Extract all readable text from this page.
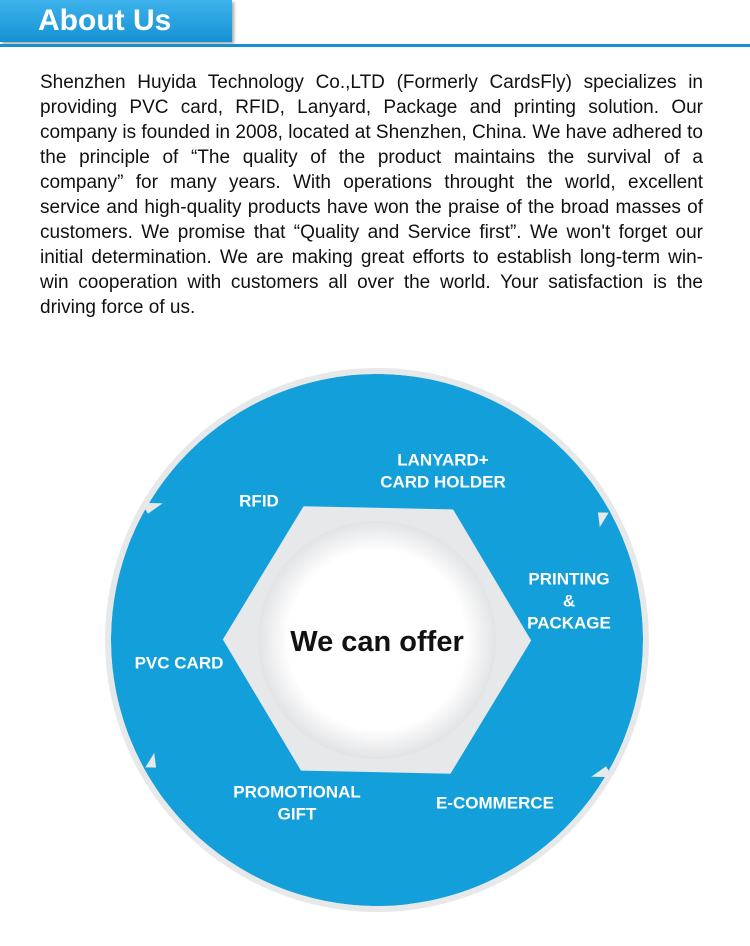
About Us

Shenzhen Huyida Technology Co.,LTD (Formerly CardsFly) specializes in providing PVC card, RFID, Lanyard, Package and printing solution. Our company is founded in 2008, located at Shenzhen, China. We have adhered to the principle of “The quality of the product maintains the survival of a company” for many years. With operations throught the world, excellent service and high-quality products have won the praise of the broad masses of customers. We promise that “Quality and Service first”. We won't forget our initial determination. We are making great efforts to establish long-term win-win cooperation with customers all over the world. Your satisfaction is the driving force of us.

We can offer
LANYARD+
CARD HOLDER
PRINTING
&
PACKAGE
E-COMMERCE
PROMOTIONAL
GIFT
PVC CARD
RFID
